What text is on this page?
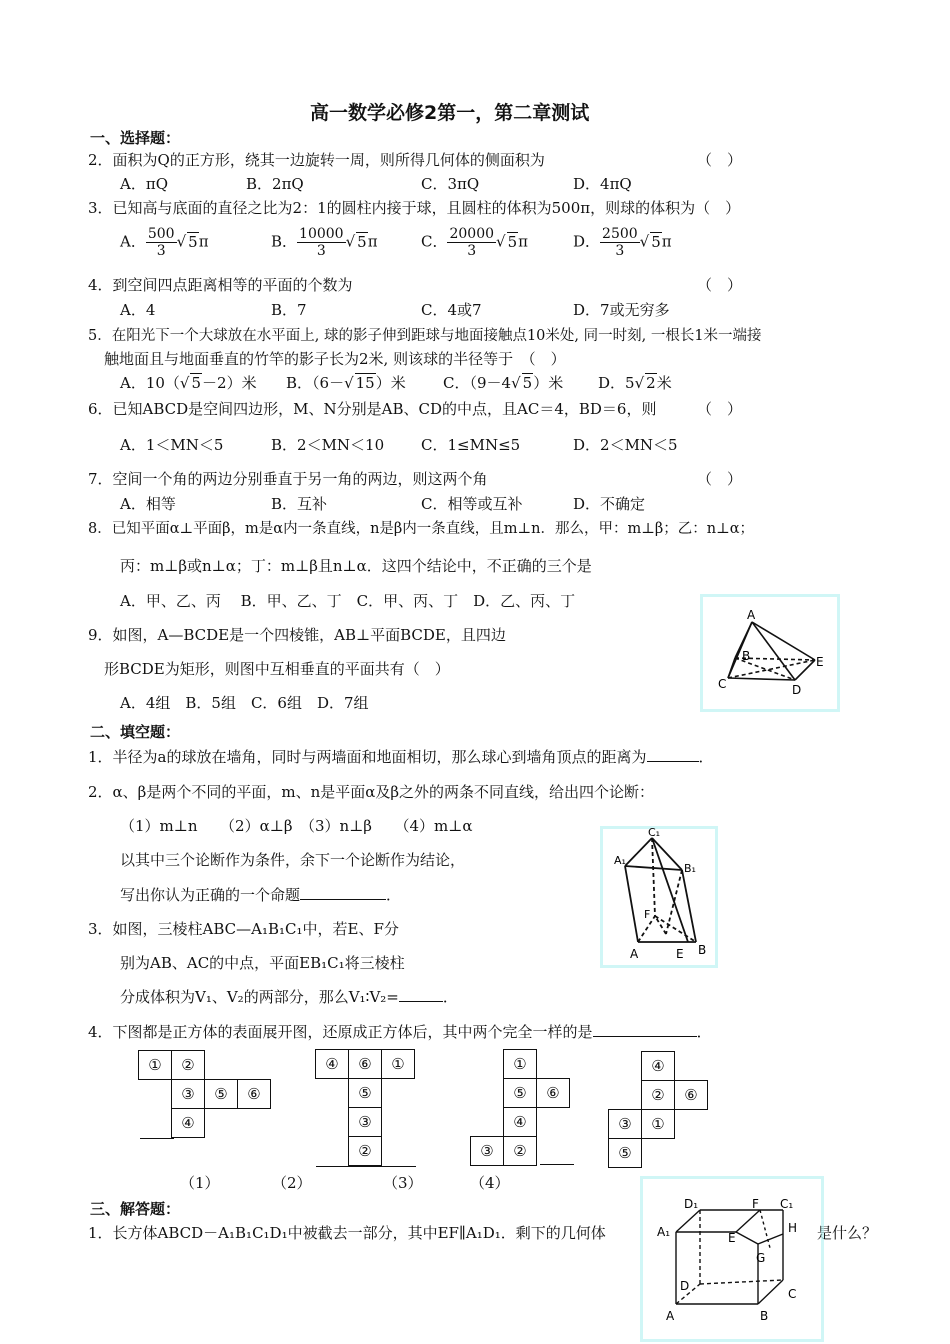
高一数学必修2第一，第二章测试
一、选择题：
2．面积为Q的正方形，绕其一边旋转一周，则所得几何体的侧面积为	（　）
A．πQ	B．2πQ	C．3πQ	D．4πQ
3．已知高与底面的直径之比为2：1的圆柱内接于球，且圆柱的体积为500π，则球的体积为（　）
A． $\frac{500}{3}$ √ 5π	B． $\frac{10000}{3}$ √ 5π	C． $\frac{20000}{3}$ √ 5π	D． $\frac{2500}{3}$ √ 5π
4．到空间四点距离相等的平面的个数为	（　）
A．4	B．7	C．4或7	D．7或无穷多
5．在阳光下一个大球放在水平面上, 球的影子伸到距球与地面接触点10米处, 同一时刻, 一根长1米一端接
触地面且与地面垂直的竹竿的影子长为2米, 则该球的半径等于　（　）
A．10（√ 5－2）米 B．（6－√ 15）米 C．（9－4√ 5）米 D．5√ 2米
6．已知ABCD是空间四边形，M、N分别是AB、CD的中点，且AC＝4，BD＝6，则	（　）
A．1＜MN＜5	B．2＜MN＜10 C．1≤MN≤5	D．2＜MN＜5
7．空间一个角的两边分别垂直于另一角的两边，则这两个角	（　）
A．相等	B．互补	C．相等或互补	D．不确定
8．已知平面α⊥平面β，m是α内一条直线，n是β内一条直线，且m⊥n．那么，甲：m⊥β；乙：n⊥α；
丙：m⊥β或n⊥α；丁：m⊥β且n⊥α．这四个结论中，不正确的三个是
A．甲、乙、丙　 B．甲、乙、丁　C．甲、丙、丁　D．乙、丙、丁
9．如图，A—BCDE是一个四棱锥，AB⊥平面BCDE，且四边
形BCDE为矩形，则图中互相垂直的平面共有（　）
A．4组　B．5组　C．6组　D．7组
A
B
C	D
E
二、填空题：
1．半径为a的球放在墙角，同时与两墙面和地面相切，那么球心到墙角顶点的距离为	．
2．α、β是两个不同的平面，m、n是平面α及β之外的两条不同直线，给出四个论断：
（1）m⊥n　　（2）α⊥β　（3）n⊥β　　（4）m⊥α
以其中三个论断作为条件，余下一个论断作为结论，
写出你认为正确的一个命题	．
C₁
A₁
B₁
F
A	E B
3．如图，三棱柱ABC—A₁B₁C₁中，若E、F分
别为AB、AC的中点，平面EB₁C₁将三棱柱
分成体积为V₁、V₂的两部分，那么V₁∶V₂=	．
4．下图都是正方体的表面展开图，还原成正方体后，其中两个完全一样的是	．
①	②		
	③	⑤	⑥
	④		
④	⑥	①
	⑤	
	③	
	②	
	①	
	⑤	⑥
	④	
③	②	
	④	
	②	⑥
③	①	
⑤		
（1）	（2）	（3）	（4）
三、解答题：
1．长方体ABCD－A₁B₁C₁D₁中被截去一部分，其中EF∥A₁D₁．剩下的几何体	是什么？
D₁	F C₁
H
A₁	E
G
D
C
A	B
